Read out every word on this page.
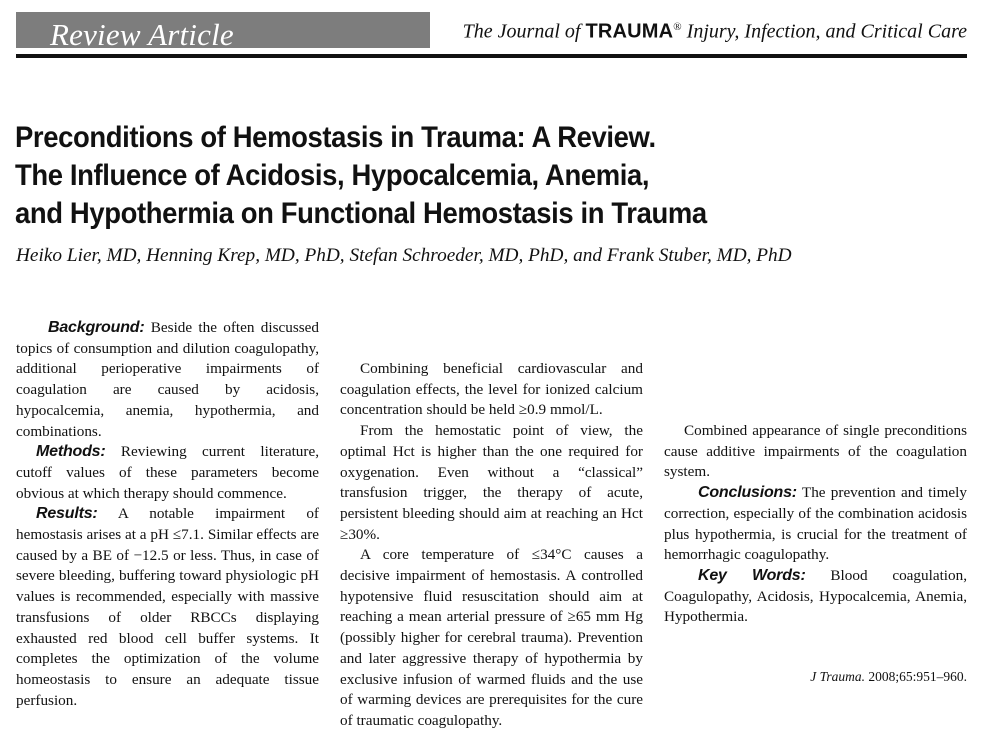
Review Article	The Journal of TRAUMA® Injury, Infection, and Critical Care
Preconditions of Hemostasis in Trauma: A Review.
The Influence of Acidosis, Hypocalcemia, Anemia,
and Hypothermia on Functional Hemostasis in Trauma
Heiko Lier, MD, Henning Krep, MD, PhD, Stefan Schroeder, MD, PhD, and Frank Stuber, MD, PhD

Background: Beside the often discussed topics of consumption and dilution coagulopathy, additional perioperative impairments of coagulation are caused by acidosis, hypocalcemia, anemia, hypothermia, and combinations.

Methods: Reviewing current literature, cutoff values of these parameters become obvious at which therapy should commence.

Results: A notable impairment of hemostasis arises at a pH ≤7.1. Similar effects are caused by a BE of −12.5 or less. Thus, in case of severe bleeding, buffering toward physiologic pH values is recommended, especially with massive transfusions of older RBCCs displaying exhausted red blood cell buffer systems. It completes the optimization of the volume homeostasis to ensure an adequate tissue perfusion.

Combining beneficial cardiovascular and coagulation effects, the level for ionized calcium concentration should be held ≥0.9 mmol/L.

From the hemostatic point of view, the optimal Hct is higher than the one required for oxygenation. Even without a “classical” transfusion trigger, the therapy of acute, persistent bleeding should aim at reaching an Hct ≥30%.

A core temperature of ≤34°C causes a decisive impairment of hemostasis. A controlled hypotensive fluid resuscitation should aim at reaching a mean arterial pressure of ≥65 mm Hg (possibly higher for cerebral trauma). Prevention and later aggressive therapy of hypothermia by exclusive infusion of warmed fluids and the use of warming devices are prerequisites for the cure of traumatic coagulopathy.

Combined appearance of single preconditions cause additive impairments of the coagulation system.

Conclusions: The prevention and timely correction, especially of the combination acidosis plus hypothermia, is crucial for the treatment of hemorrhagic coagulopathy.

Key Words: Blood coagulation, Coagulopathy, Acidosis, Hypocalcemia, Anemia, Hypothermia.

J Trauma. 2008;65:951–960.
